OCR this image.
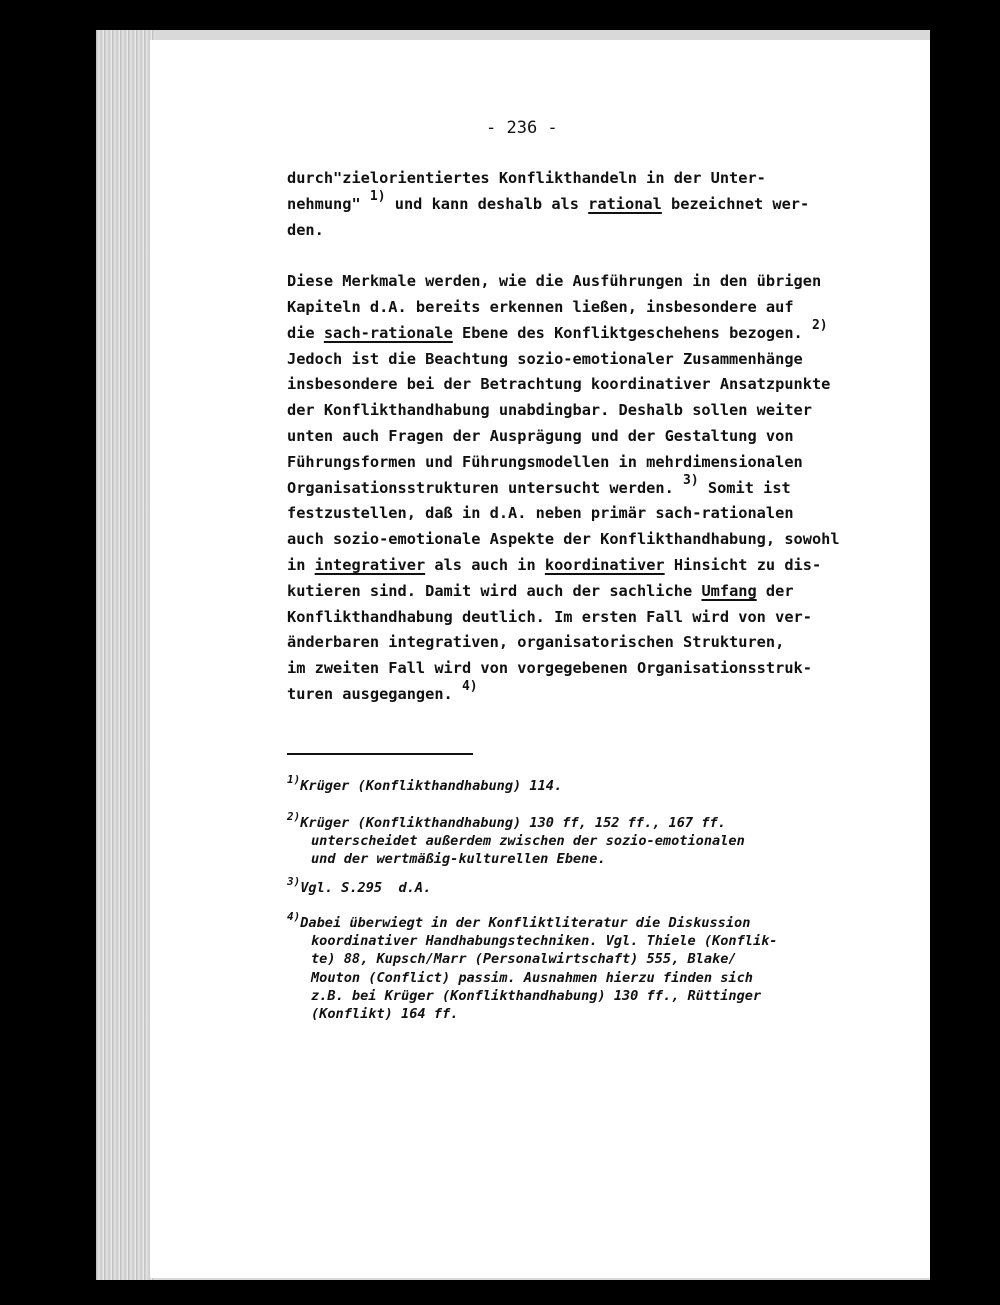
- 236 -
durch"zielorientiertes Konflikthandeln in der Unter-
nehmung" $^{1)}$ und kann deshalb als rational bezeichnet wer-
den.
Diese Merkmale werden, wie die Ausführungen in den übrigen
Kapiteln d.A. bereits erkennen ließen, insbesondere auf
die sach-rationale Ebene des Konfliktgeschehens bezogen. $^{2)}$
Jedoch ist die Beachtung sozio-emotionaler Zusammenhänge
insbesondere bei der Betrachtung koordinativer Ansatzpunkte
der Konflikthandhabung unabdingbar. Deshalb sollen weiter
unten auch Fragen der Ausprägung und der Gestaltung von
Führungsformen und Führungsmodellen in mehrdimensionalen
Organisationsstrukturen untersucht werden. $^{3)}$ Somit ist
festzustellen, daß in d.A. neben primär sach-rationalen
auch sozio-emotionale Aspekte der Konflikthandhabung, sowohl
in integrativer als auch in koordinativer Hinsicht zu dis-
kutieren sind. Damit wird auch der sachliche Umfang der
Konflikthandhabung deutlich. Im ersten Fall wird von ver-
änderbaren integrativen, organisatorischen Strukturen,
im zweiten Fall wird von vorgegebenen Organisationsstruk-
turen ausgegangen. $^{4)}$
$^{1)}$Krüger (Konflikthandhabung) 114.
$^{2)}$Krüger (Konflikthandhabung) 130 ff, 152 ff., 167 ff.
unterscheidet außerdem zwischen der sozio-emotionalen
und der wertmäßig-kulturellen Ebene.
$^{3)}$Vgl. S.295  d.A.
$^{4)}$Dabei überwiegt in der Konfliktliteratur die Diskussion
koordinativer Handhabungstechniken. Vgl. Thiele (Konflik-
te) 88, Kupsch/Marr (Personalwirtschaft) 555, Blake/
Mouton (Conflict) passim. Ausnahmen hierzu finden sich
z.B. bei Krüger (Konflikthandhabung) 130 ff., Rüttinger
(Konflikt) 164 ff.
